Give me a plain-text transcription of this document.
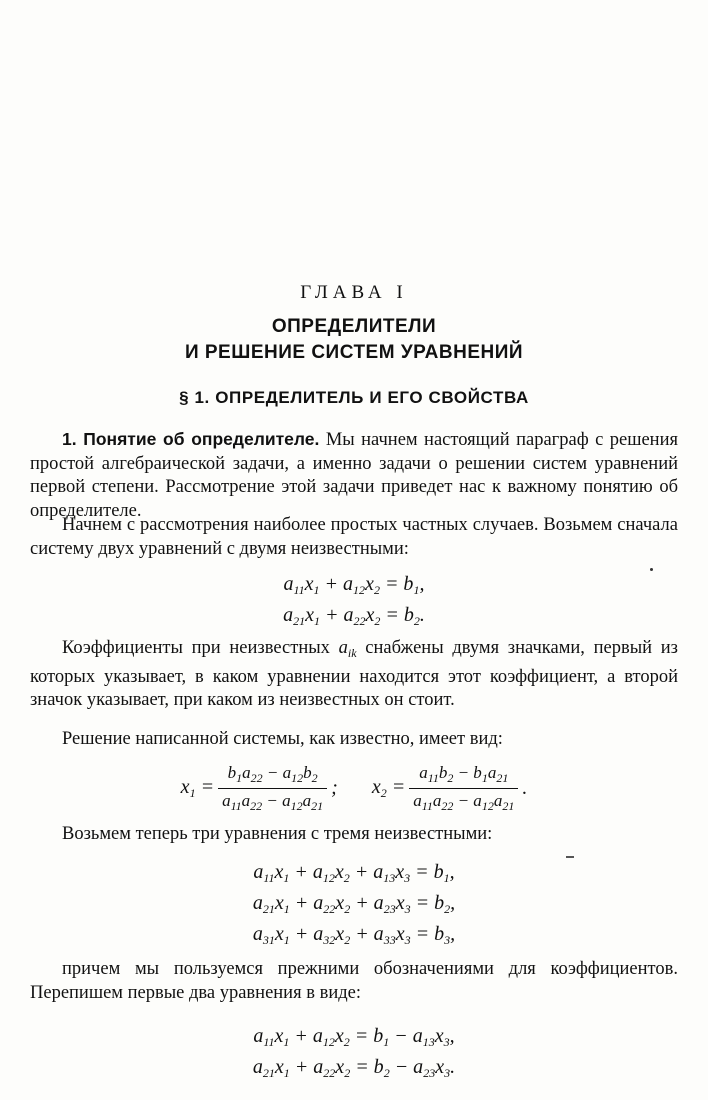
ГЛАВА I
ОПРЕДЕЛИТЕЛИ
И РЕШЕНИЕ СИСТЕМ УРАВНЕНИЙ
§ 1. ОПРЕДЕЛИТЕЛЬ И ЕГО СВОЙСТВА
1. Понятие об определителе. Мы начнем настоящий параграф с решения простой алгебраической задачи, а именно задачи о решении систем уравнений первой степени. Рассмотрение этой задачи приведет нас к важному понятию об определителе.
Начнем с рассмотрения наиболее простых частных случаев. Возьмем сначала систему двух уравнений с двумя неизвестными:
$a_{11}x_1 + a_{12}x_2 = b_1$,
$a_{21}x_1 + a_{22}x_2 = b_2$.
Коэффициенты при неизвестных $a_{ik}$ снабжены двумя значками, первый из которых указывает, в каком уравнении находится этот коэффициент, а второй значок указывает, при каком из неизвестных он стоит.
Решение написанной системы, как известно, имеет вид:
$x_1 = \frac{b_1a_{22} - a_{12}b_2}{a_{11}a_{22} - a_{12}a_{21}}$ ; $x_2 = \frac{a_{11}b_2 - b_1a_{21}}{a_{11}a_{22} - a_{12}a_{21}}$ .
Возьмем теперь три уравнения с тремя неизвестными:
$a_{11}x_1 + a_{12}x_2 + a_{13}x_3 = b_1$,
$a_{21}x_1 + a_{22}x_2 + a_{23}x_3 = b_2$,
$a_{31}x_1 + a_{32}x_2 + a_{33}x_3 = b_3$,
причем мы пользуемся прежними обозначениями для коэффициентов. Перепишем первые два уравнения в виде:
$a_{11}x_1 + a_{12}x_2 = b_1 - a_{13}x_3$,
$a_{21}x_1 + a_{22}x_2 = b_2 - a_{23}x_3$.
